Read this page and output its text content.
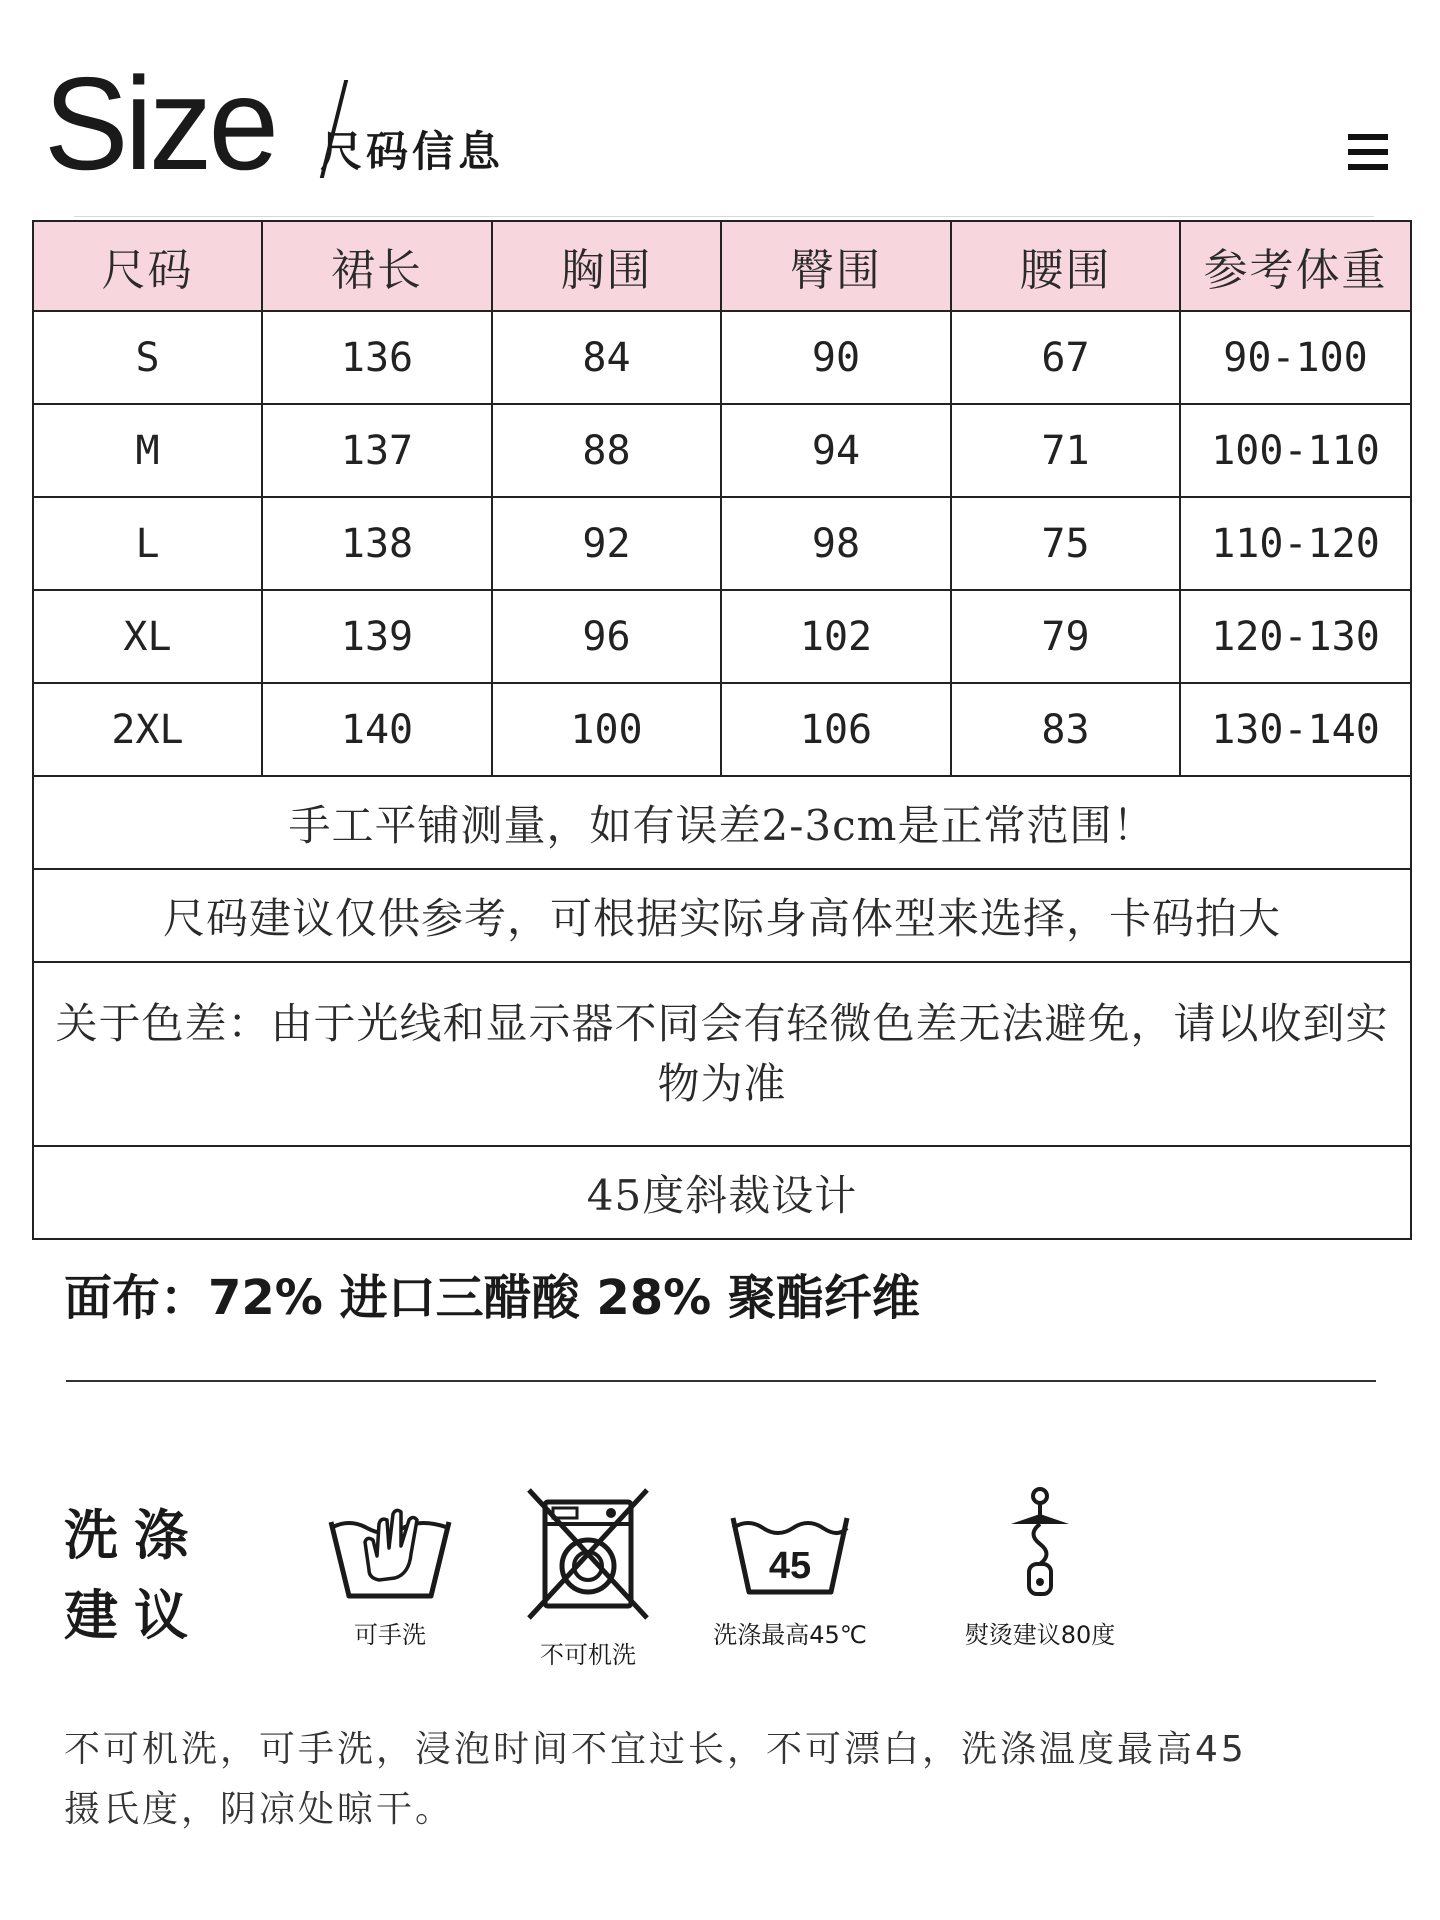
Size 尺码信息
尺码	裙长	胸围	臀围	腰围	参考体重
S	136	84	90	67	90-100
M	137	88	94	71	100-110
L	138	92	98	75	110-120
XL	139	96	102	79	120-130
2XL	140	100	106	83	130-140
手工平铺测量，如有误差2-3cm是正常范围！					
尺码建议仅供参考，可根据实际身高体型来选择，卡码拍大					
关于色差：由于光线和显示器不同会有轻微色差无法避免，请以收到实物为准					
45度斜裁设计					
面布：72% 进口三醋酸 28% 聚酯纤维
洗涤
建议	可手洗
不可机洗
45
洗涤最高45℃	熨烫建议80度
不可机洗，可手洗，浸泡时间不宜过长，不可漂白，洗涤温度最高45摄氏度，阴凉处晾干。
